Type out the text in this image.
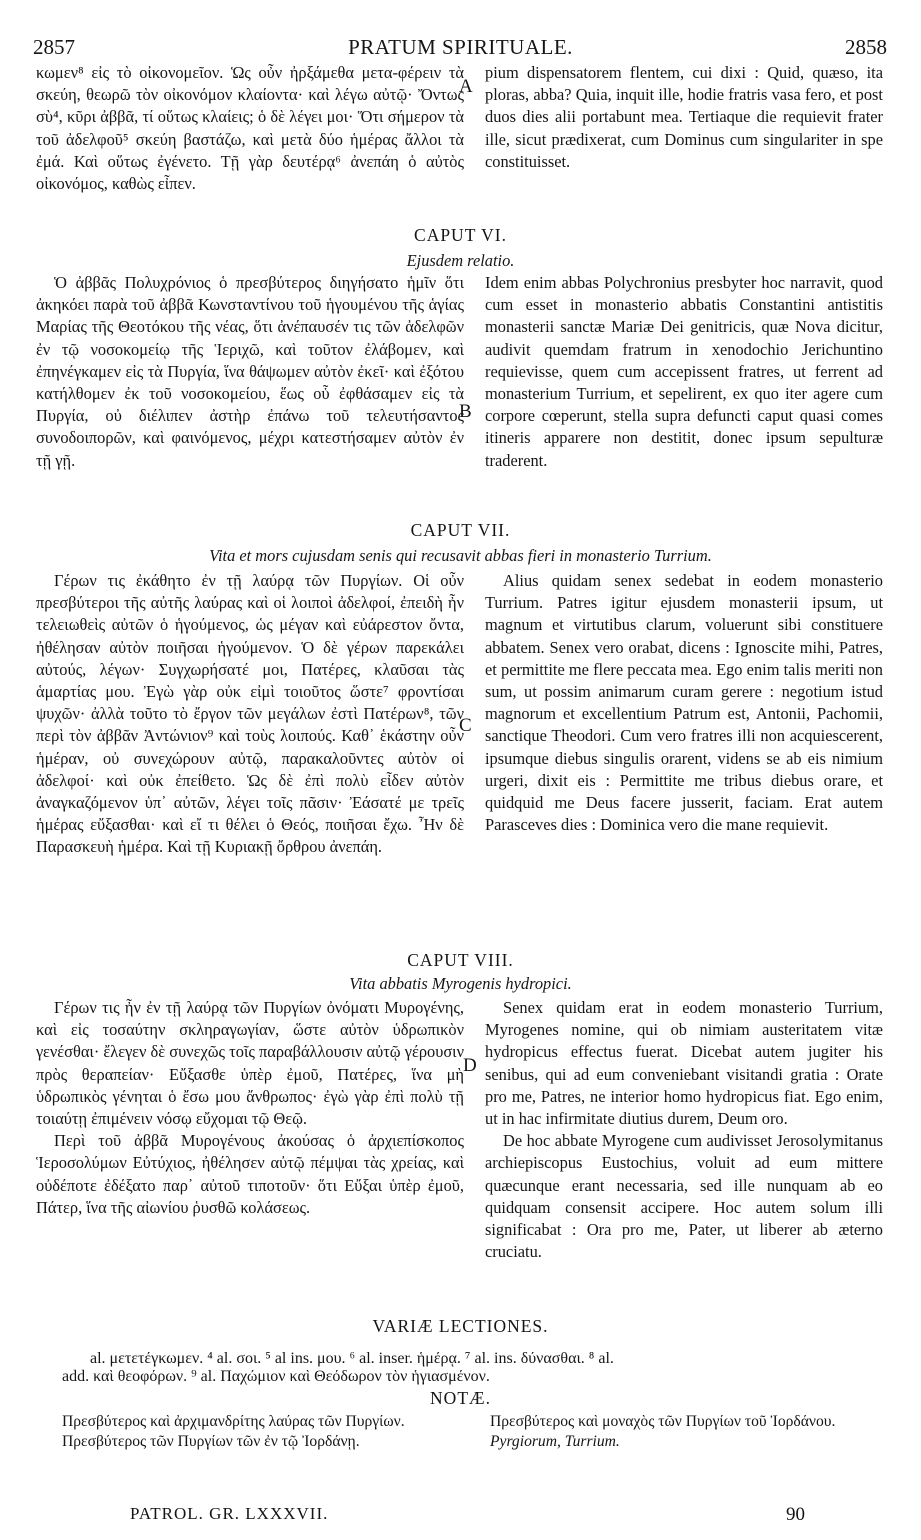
PRATUM SPIRITUALE.
2857	2858

κωμεν⁸ εἰς τὸ οἰκονομεῖον. Ὡς οὖν ἠρξάμεθα μετα-φέρειν τὰ σκεύη, θεωρῶ τὸν οἰκονόμον κλαίοντα· καὶ λέγω αὐτῷ· Ὄντως σὺ⁴, κῦρι ἀββᾶ, τί οὕτως κλαίεις; ὁ δὲ λέγει μοι· Ὅτι σήμερον τὰ τοῦ ἀδελφοῦ⁵ σκεύη βαστάζω, καὶ μετὰ δύο ἡμέρας ἄλλοι τὰ ἐμά. Καὶ οὕτως ἐγένετο. Τῇ γὰρ δευτέρᾳ⁶ ἀνεπάη ὁ αὐτὸς οἰκονόμος, καθὼς εἶπεν.

pium dispensatorem flentem, cui dixi : Quid, quæso, ita ploras, abba? Quia, inquit ille, hodie fratris vasa fero, et post duos dies alii portabunt mea. Tertiaque die requievit frater ille, sicut prædixerat, cum Dominus cum singulariter in spe constituisset.

A
CAPUT VI.
Ejusdem relatio.

Ὁ ἀββᾶς Πολυχρόνιος ὁ πρεσβύτερος διηγήσατο ἡμῖν ὅτι ἀκηκόει παρὰ τοῦ ἀββᾶ Κωνσταντίνου τοῦ ἡγουμένου τῆς ἁγίας Μαρίας τῆς Θεοτόκου τῆς νέας, ὅτι ἀνέπαυσέν τις τῶν ἀδελφῶν ἐν τῷ νοσοκομείῳ τῆς Ἱεριχῶ, καὶ τοῦτον ἐλάβομεν, καὶ ἐπηνέγκαμεν εἰς τὰ Πυργία, ἵνα θάψωμεν αὐτὸν ἐκεῖ· καὶ ἐξότου κατήλθομεν ἐκ τοῦ νοσοκομείου, ἕως οὗ ἐφθάσαμεν εἰς τὰ Πυργία, οὐ διέλιπεν ἀστὴρ ἐπάνω τοῦ τελευτήσαντος συνοδοιπορῶν, καὶ φαινόμενος, μέχρι κατεστήσαμεν αὐτὸν ἐν τῇ γῇ.

Idem enim abbas Polychronius presbyter hoc narravit, quod cum esset in monasterio abbatis Constantini antistitis monasterii sanctæ Mariæ Dei genitricis, quæ Nova dicitur, audivit quemdam fratrum in xenodochio Jerichuntino requievisse, quem cum accepissent fratres, ut ferrent ad monasterium Turrium, et sepelirent, ex quo iter agere cum corpore cœperunt, stella supra defuncti caput quasi comes itineris apparere non destitit, donec ipsum sepulturæ traderent.

B
CAPUT VII.
Vita et mors cujusdam senis qui recusavit abbas fieri in monasterio Turrium.

Γέρων τις ἐκάθητο ἐν τῇ λαύρᾳ τῶν Πυργίων. Οἱ οὖν πρεσβύτεροι τῆς αὐτῆς λαύρας καὶ οἱ λοιποὶ ἀδελφοί, ἐπειδὴ ἦν τελειωθεὶς αὐτῶν ὁ ἡγούμενος, ὡς μέγαν καὶ εὐάρεστον ὄντα, ἠθέλησαν αὐτὸν ποιῆσαι ἡγούμενον. Ὁ δὲ γέρων παρεκάλει αὐτούς, λέγων· Συγχωρήσατέ μοι, Πατέρες, κλαῦσαι τὰς ἁμαρτίας μου. Ἐγὼ γὰρ οὐκ εἰμὶ τοιοῦτος ὥστε⁷ φροντίσαι ψυχῶν· ἀλλὰ τοῦτο τὸ ἔργον τῶν μεγάλων ἐστὶ Πατέρων⁸, τῶν περὶ τὸν ἀββᾶν Ἀντώνιον⁹ καὶ τοὺς λοιπούς. Καθ᾽ ἑκάστην οὖν ἡμέραν, οὐ συνεχώρουν αὐτῷ, παρακαλοῦντες αὐτὸν οἱ ἀδελφοί· καὶ οὐκ ἐπείθετο. Ὡς δὲ ἐπὶ πολὺ εἶδεν αὐτὸν ἀναγκαζόμενον ὑπ᾽ αὐτῶν, λέγει τοῖς πᾶσιν· Ἐάσατέ με τρεῖς ἡμέρας εὔξασθαι· καὶ εἴ τι θέλει ὁ Θεός, ποιῆσαι ἔχω. Ἦν δὲ Παρασκευὴ ἡμέρα. Καὶ τῇ Κυριακῇ ὄρθρου ἀνεπάη.

Alius quidam senex sedebat in eodem monasterio Turrium. Patres igitur ejusdem monasterii ipsum, ut magnum et virtutibus clarum, voluerunt sibi constituere abbatem. Senex vero orabat, dicens : Ignoscite mihi, Patres, et permittite me flere peccata mea. Ego enim talis meriti non sum, ut possim animarum curam gerere : negotium istud magnorum et excellentium Patrum est, Antonii, Pachomii, sanctique Theodori. Cum vero fratres illi non acquiescerent, ipsumque diebus singulis orarent, videns se ab eis nimium urgeri, dixit eis : Permittite me tribus diebus orare, et quidquid me Deus facere jusserit, faciam. Erat autem Parasceves dies : Dominica vero die mane requievit.

C
CAPUT VIII.
Vita abbatis Myrogenis hydropici.

Γέρων τις ἦν ἐν τῇ λαύρᾳ τῶν Πυργίων ὀνόματι Μυρογένης, καὶ εἰς τοσαύτην σκληραγωγίαν, ὥστε αὐτὸν ὑδρωπικὸν γενέσθαι· ἔλεγεν δὲ συνεχῶς τοῖς παραβάλλουσιν αὐτῷ γέρουσιν πρὸς θεραπείαν· Εὔξασθε ὑπὲρ ἐμοῦ, Πατέρες, ἵνα μὴ ὑδρωπικὸς γένηται ὁ ἔσω μου ἄνθρωπος· ἐγὼ γὰρ ἐπὶ πολὺ τῇ τοιαύτῃ ἐπιμένειν νόσῳ εὔχομαι τῷ Θεῷ.

Περὶ τοῦ ἀββᾶ Μυρογένους ἀκούσας ὁ ἀρχιεπίσκοπος Ἱεροσολύμων Εὐτύχιος, ἠθέλησεν αὐτῷ πέμψαι τὰς χρείας, καὶ οὐδέποτε ἐδέξατο παρ᾽ αὐτοῦ τιποτοῦν· ὅτι Εὔξαι ὑπὲρ ἐμοῦ, Πάτερ, ἵνα τῆς αἰωνίου ῥυσθῶ κολάσεως.

Senex quidam erat in eodem monasterio Turrium, Myrogenes nomine, qui ob nimiam austeritatem vitæ hydropicus effectus fuerat. Dicebat autem jugiter his senibus, qui ad eum conveniebant visitandi gratia : Orate pro me, Patres, ne interior homo hydropicus fiat. Ego enim, ut in hac infirmitate diutius durem, Deum oro.

De hoc abbate Myrogene cum audivisset Jerosolymitanus archiepiscopus Eustochius, voluit ad eum mittere quæcunque erant necessaria, sed ille nunquam ab eo quidquam consensit accipere. Hoc autem solum illi significabat : Ora pro me, Pater, ut liberer ab æterno cruciatu.

D
VARIÆ LECTIONES.
al. μετετέγκωμεν. ⁴ al. σοι. ⁵ al ins. μου. ⁶ al. inser. ἡμέρᾳ. ⁷ al. ins. δύνασθαι. ⁸ al.
add. καὶ θεοφόρων. ⁹ al. Παχώμιον καὶ Θεόδωρον τὸν ἡγιασμένον.
NOTÆ.
Πρεσβύτερος καὶ ἀρχιμανδρίτης λαύρας τῶν Πυργίων. Πρεσβύτερος τῶν Πυργίων τῶν ἐν τῷ Ἰορδάνῃ.
Πρεσβύτερος καὶ μοναχὸς τῶν Πυργίων τοῦ Ἰορδάνου. Pyrgiorum, Turrium.
PATROL. GR. LXXXVII.	90
